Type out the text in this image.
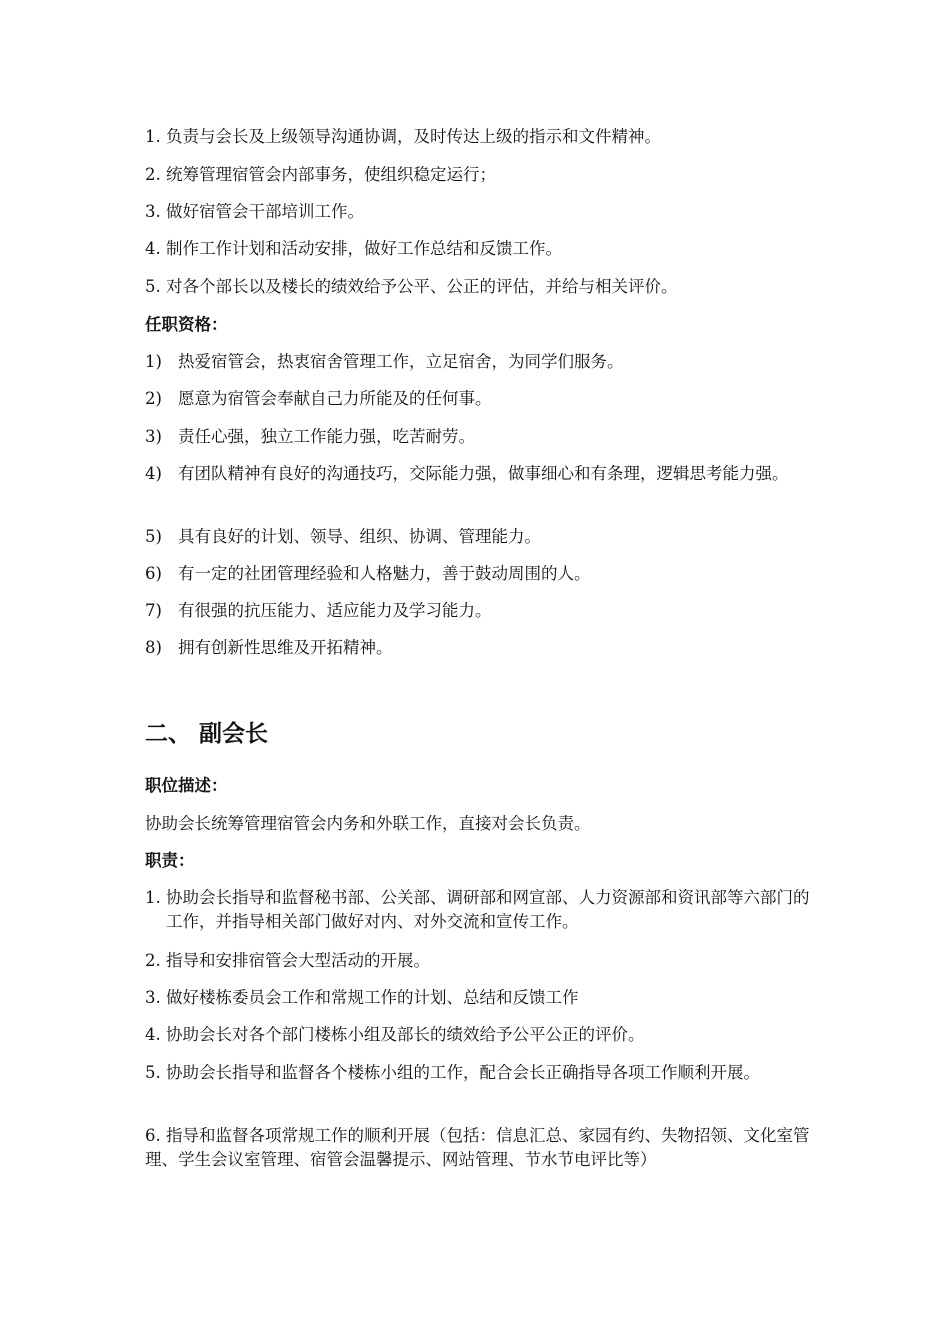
1. 负责与会长及上级领导沟通协调，及时传达上级的指示和文件精神。
2. 统筹管理宿管会内部事务，使组织稳定运行；
3. 做好宿管会干部培训工作。
4. 制作工作计划和活动安排，做好工作总结和反馈工作。
5. 对各个部长以及楼长的绩效给予公平、公正的评估，并给与相关评价。
任职资格：
1) 热爱宿管会，热衷宿舍管理工作，立足宿舍，为同学们服务。
2) 愿意为宿管会奉献自己力所能及的任何事。
3) 责任心强，独立工作能力强，吃苦耐劳。
4) 有团队精神有良好的沟通技巧，交际能力强，做事细心和有条理，逻辑思考能力强。
5) 具有良好的计划、领导、组织、协调、管理能力。
6) 有一定的社团管理经验和人格魅力，善于鼓动周围的人。
7) 有很强的抗压能力、适应能力及学习能力。
8) 拥有创新性思维及开拓精神。
二、 副会长
职位描述：
协助会长统筹管理宿管会内务和外联工作，直接对会长负责。
职责：
1. 协助会长指导和监督秘书部、公关部、调研部和网宣部、人力资源部和资讯部等六部门的工作，并指导相关部门做好对内、对外交流和宣传工作。
2. 指导和安排宿管会大型活动的开展。
3. 做好楼栋委员会工作和常规工作的计划、总结和反馈工作
4. 协助会长对各个部门楼栋小组及部长的绩效给予公平公正的评价。
5. 协助会长指导和监督各个楼栋小组的工作，配合会长正确指导各项工作顺利开展。
6. 指导和监督各项常规工作的顺利开展（包括：信息汇总、家园有约、失物招领、文化室管理、学生会议室管理、宿管会温馨提示、网站管理、节水节电评比等）
